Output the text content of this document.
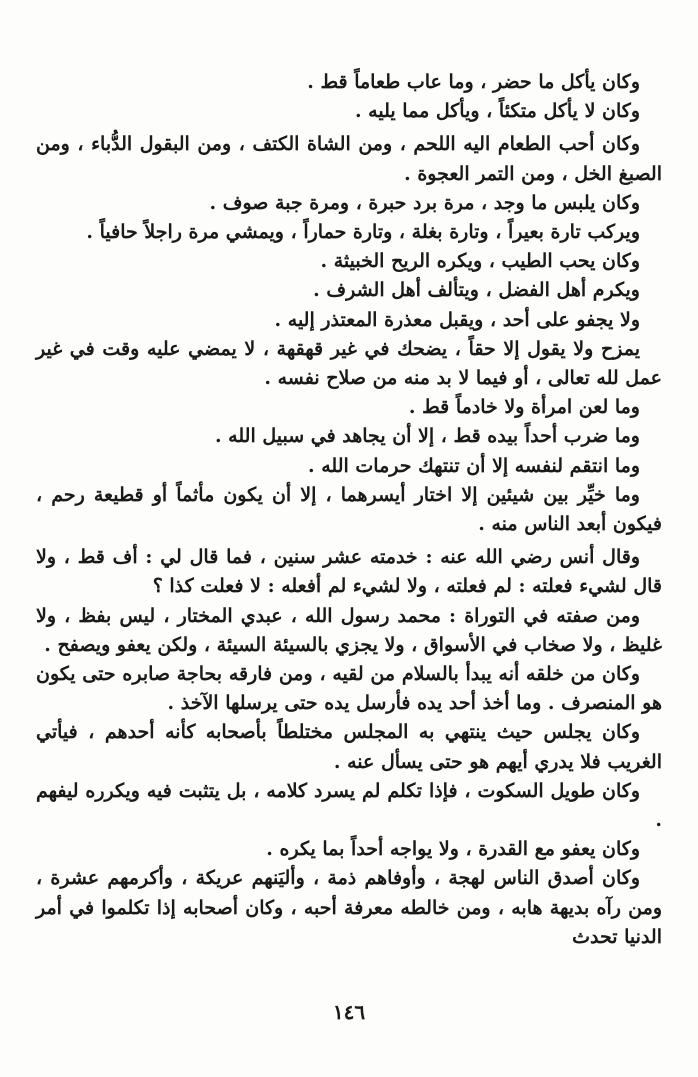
وكان يأكل ما حضر ، وما عاب طعاماً قط .

وكان لا يأكل متكئاً ، ويأكل مما يليه .

وكان أحب الطعام اليه اللحم ، ومن الشاة الكتف ، ومن البقول الدُّباء ، ومن الصبغ الخل ، ومن التمر العجوة .

وكان يلبس ما وجد ، مرة برد حبرة ، ومرة جبة صوف .

ويركب تارة بعيراً ، وتارة بغلة ، وتارة حماراً ، ويمشي مرة راجلاً حافياً .

وكان يحب الطيب ، ويكره الريح الخبيثة .

ويكرم أهل الفضل ، ويتألف أهل الشرف .

ولا يجفو على أحد ، ويقبل معذرة المعتذر إليه .

يمزح ولا يقول إلا حقاً ، يضحك في غير قهقهة ، لا يمضي عليه وقت في غير عمل لله تعالى ، أو فيما لا بد منه من صلاح نفسه .

وما لعن امرأة ولا خادماً قط .

وما ضرب أحداً بيده قط ، إلا أن يجاهد في سبيل الله .

وما انتقم لنفسه إلا أن تنتهك حرمات الله .

وما خيِّر بين شيئين إلا اختار أيسرهما ، إلا أن يكون مأثماً أو قطيعة رحم ، فيكون أبعد الناس منه .

وقال أنس رضي الله عنه : خدمته عشر سنين ، فما قال لي : أف قط ، ولا قال لشيء فعلته : لم فعلته ، ولا لشيء لم أفعله : لا فعلت كذا ؟

ومن صفته في التوراة : محمد رسول الله ، عبدي المختار ، ليس بفظ ، ولا غليظ ، ولا صخاب في الأسواق ، ولا يجزي بالسيئة السيئة ، ولكن يعفو ويصفح .

وكان من خلقه أنه يبدأ بالسلام من لقيه ، ومن فارقه بحاجة صابره حتى يكون هو المنصرف . وما أخذ أحد يده فأرسل يده حتى يرسلها الآخذ .

وكان يجلس حيث ينتهي به المجلس مختلطاً بأصحابه كأنه أحدهم ، فيأتي الغريب فلا يدري أيهم هو حتى يسأل عنه .

وكان طويل السكوت ، فإذا تكلم لم يسرد كلامه ، بل يتثبت فيه ويكرره ليفهم .

وكان يعفو مع القدرة ، ولا يواجه أحداً بما يكره .

وكان أصدق الناس لهجة ، وأوفاهم ذمة ، وأليَنهم عريكة ، وأكرمهم عشرة ، ومن رآه بديهة هابه ، ومن خالطه معرفة أحبه ، وكان أصحابه إذا تكلموا في أمر الدنيا تحدث

١٤٦
